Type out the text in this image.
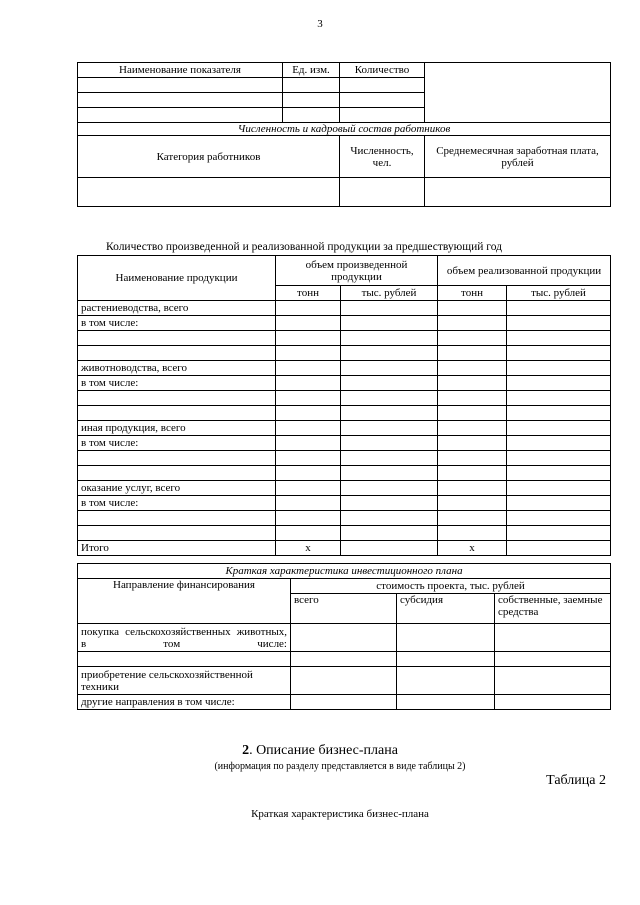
3
Наименование показателя	Ед. изм.	Количество	

Численность и кадровый состав работников			
Категория работников		Численность, чел.	Среднемесячная заработная плата, рублей

Количество произведенной и реализованной продукции за предшествующий год
Наименование продукции	объем произведенной продукции		объем реализованной продукции	
	тонн	тыс. рублей	тонн	тыс. рублей
растениеводства, всего				
в том числе:				

животноводства, всего				
в том числе:				

иная продукция, всего				
в том числе:				

оказание услуг, всего				
в том числе:				

Итого	х		х	
Краткая характеристика инвестиционного плана			
Направление финансирования	стоимость проекта, тыс. рублей		
	всего	субсидия	собственные, заемные средства
покупка сельскохозяйственных животных, в том числе:			

приобретение сельскохозяйственной техники			
другие направления в том числе:			
2. Описание бизнес-плана
(информация по разделу представляется в виде таблицы 2)
Таблица 2
Краткая характеристика бизнес-плана
